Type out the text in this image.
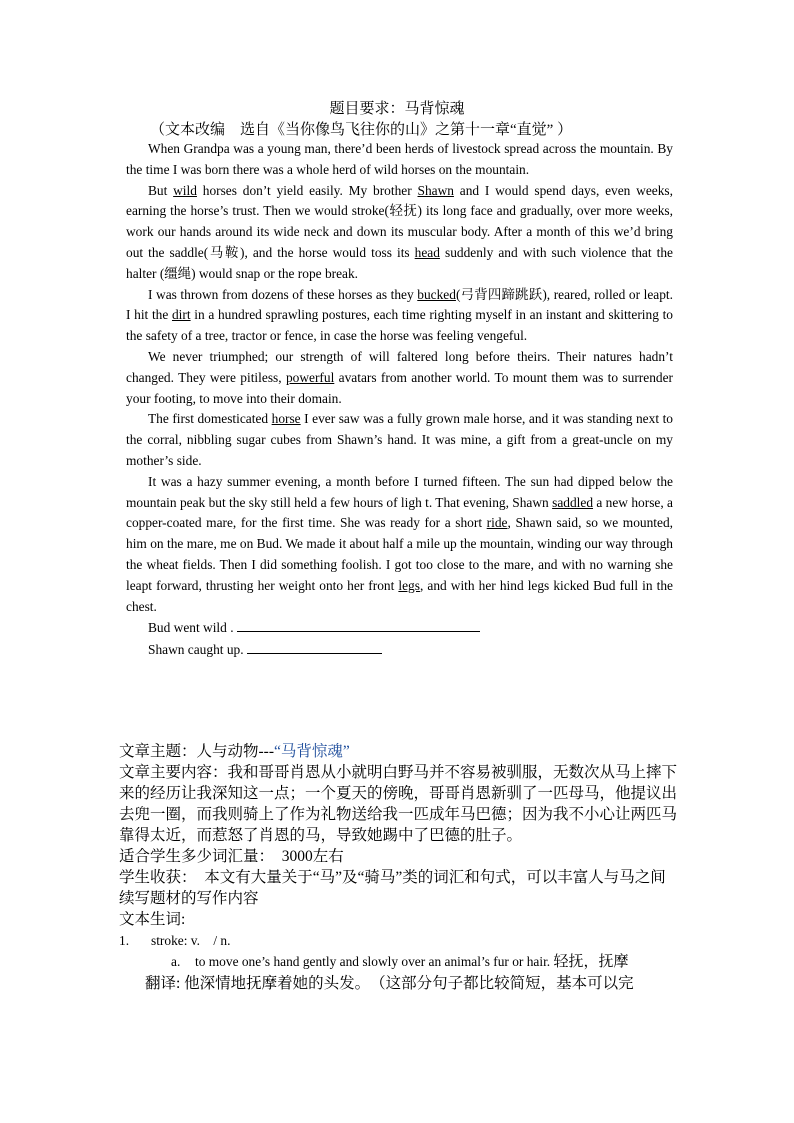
题目要求：马背惊魂
（文本改编　选自《当你像鸟飞往你的山》之第十一章“直觉” ）

When Grandpa was a young man, there’d been herds of livestock spread across the mountain. By the time I was born there was a whole herd of wild horses on the mountain.

But wild horses don’t yield easily. My brother Shawn and I would spend days, even weeks, earning the horse’s trust. Then we would stroke(轻抚) its long face and gradually, over more weeks, work our hands around its wide neck and down its muscular body. After a month of this we’d bring out the saddle(马鞍), and the horse would toss its head suddenly and with such violence that the halter (缰绳) would snap or the rope break.

I was thrown from dozens of these horses as they bucked(弓背四蹄跳跃), reared, rolled or leapt. I hit the dirt in a hundred sprawling postures, each time righting myself in an instant and skittering to the safety of a tree, tractor or fence, in case the horse was feeling vengeful.

We never triumphed; our strength of will faltered long before theirs. Their natures hadn’t changed. They were pitiless, powerful avatars from another world. To mount them was to surrender your footing, to move into their domain.

The first domesticated horse I ever saw was a fully grown male horse, and it was standing next to the corral, nibbling sugar cubes from Shawn’s hand. It was mine, a gift from a great-uncle on my mother’s side.

It was a hazy summer evening, a month before I turned fifteen. The sun had dipped below the mountain peak but the sky still held a few hours of ligh t. That evening, Shawn saddled a new horse, a copper-coated mare, for the first time. She was ready for a short ride, Shawn said, so we mounted, him on the mare, me on Bud. We made it about half a mile up the mountain, winding our way through the wheat fields. Then I did something foolish. I got too close to the mare, and with no warning she leapt forward, thrusting her weight onto her front legs, and with her hind legs kicked Bud full in the chest.

Bud went wild .
Shawn caught up.

文章主题：人与动物---“马背惊魂”

文章主要内容：我和哥哥肖恩从小就明白野马并不容易被驯服，无数次从马上摔下来的经历让我深知这一点；一个夏天的傍晚，哥哥肖恩新驯了一匹母马，他提议出去兜一圈，而我则骑上了作为礼物送给我一匹成年马巴德；因为我不小心让两匹马靠得太近，而惹怒了肖恩的马，导致她踢中了巴德的肚子。

适合学生多少词汇量：　3000左右

学生收获：　本文有大量关于“马”及“骑马”类的词汇和句式，可以丰富人与马之间续写题材的写作内容

文本生词:

1. stroke: v.　/ n.
a. to move one’s hand gently and slowly over an animal’s fur or hair. 轻抚，抚摩

翻译: 他深情地抚摩着她的头发。　（这部分句子都比较简短，基本可以完
